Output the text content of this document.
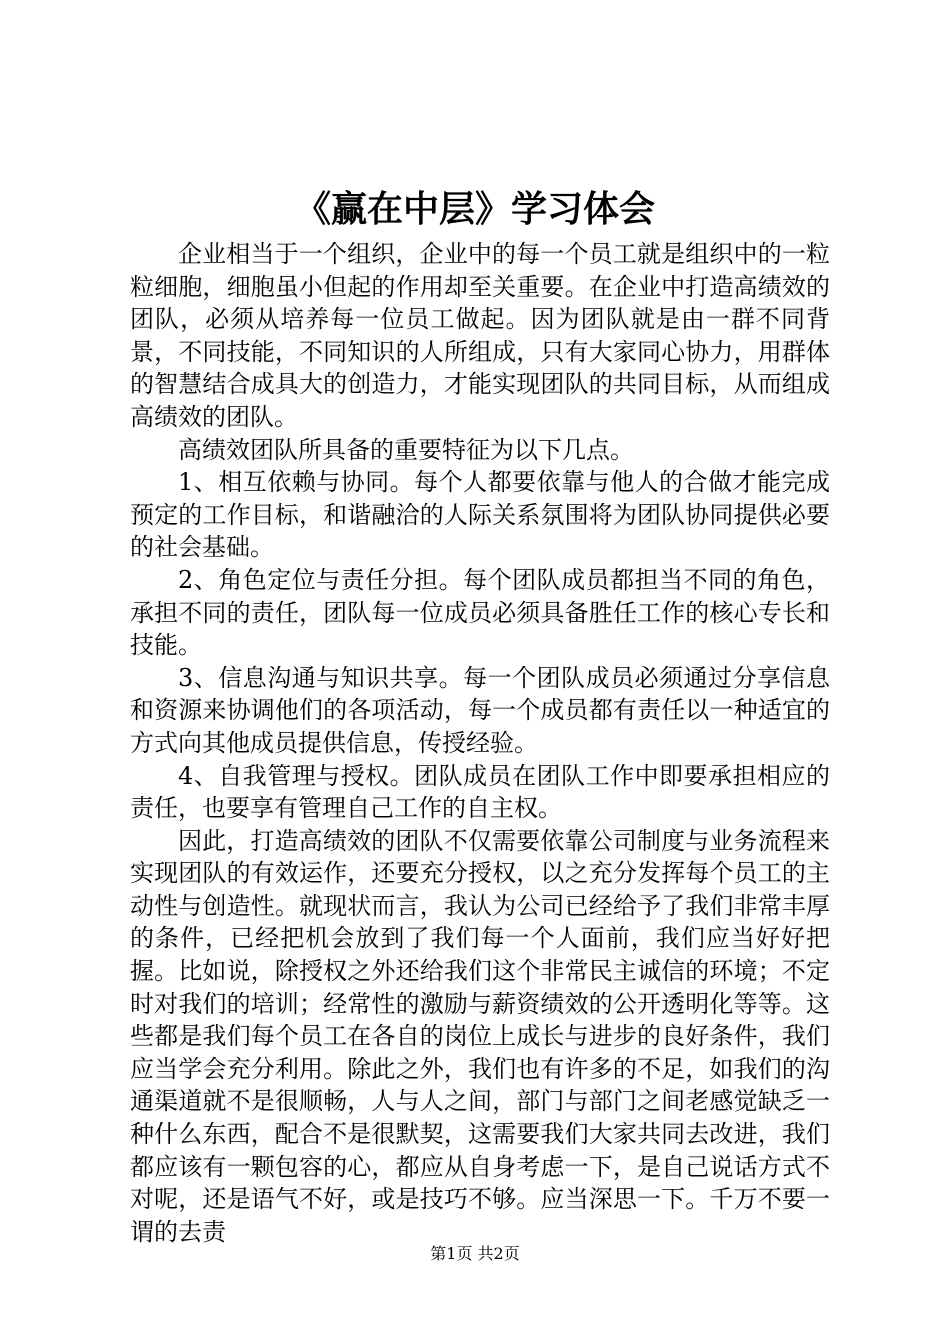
《赢在中层》学习体会

企业相当于一个组织，企业中的每一个员工就是组织中的一粒粒细胞，细胞虽小但起的作用却至关重要。在企业中打造高绩效的团队，必须从培养每一位员工做起。因为团队就是由一群不同背景，不同技能，不同知识的人所组成，只有大家同心协力，用群体的智慧结合成具大的创造力，才能实现团队的共同目标，从而组成高绩效的团队。

高绩效团队所具备的重要特征为以下几点。

1、相互依赖与协同。每个人都要依靠与他人的合做才能完成预定的工作目标，和谐融洽的人际关系氛围将为团队协同提供必要的社会基础。

2、角色定位与责任分担。每个团队成员都担当不同的角色，承担不同的责任，团队每一位成员必须具备胜任工作的核心专长和技能。

3、信息沟通与知识共享。每一个团队成员必须通过分享信息和资源来协调他们的各项活动，每一个成员都有责任以一种适宜的方式向其他成员提供信息，传授经验。

4、自我管理与授权。团队成员在团队工作中即要承担相应的责任，也要享有管理自己工作的自主权。

因此，打造高绩效的团队不仅需要依靠公司制度与业务流程来实现团队的有效运作，还要充分授权，以之充分发挥每个员工的主动性与创造性。就现状而言，我认为公司已经给予了我们非常丰厚的条件，已经把机会放到了我们每一个人面前，我们应当好好把握。比如说，除授权之外还给我们这个非常民主诚信的环境；不定时对我们的培训；经常性的激励与薪资绩效的公开透明化等等。这些都是我们每个员工在各自的岗位上成长与进步的良好条件，我们应当学会充分利用。除此之外，我们也有许多的不足，如我们的沟通渠道就不是很顺畅，人与人之间，部门与部门之间老感觉缺乏一种什么东西，配合不是很默契，这需要我们大家共同去改进，我们都应该有一颗包容的心，都应从自身考虑一下，是自己说话方式不对呢，还是语气不好，或是技巧不够。应当深思一下。千万不要一谓的去责

第1页 共2页
